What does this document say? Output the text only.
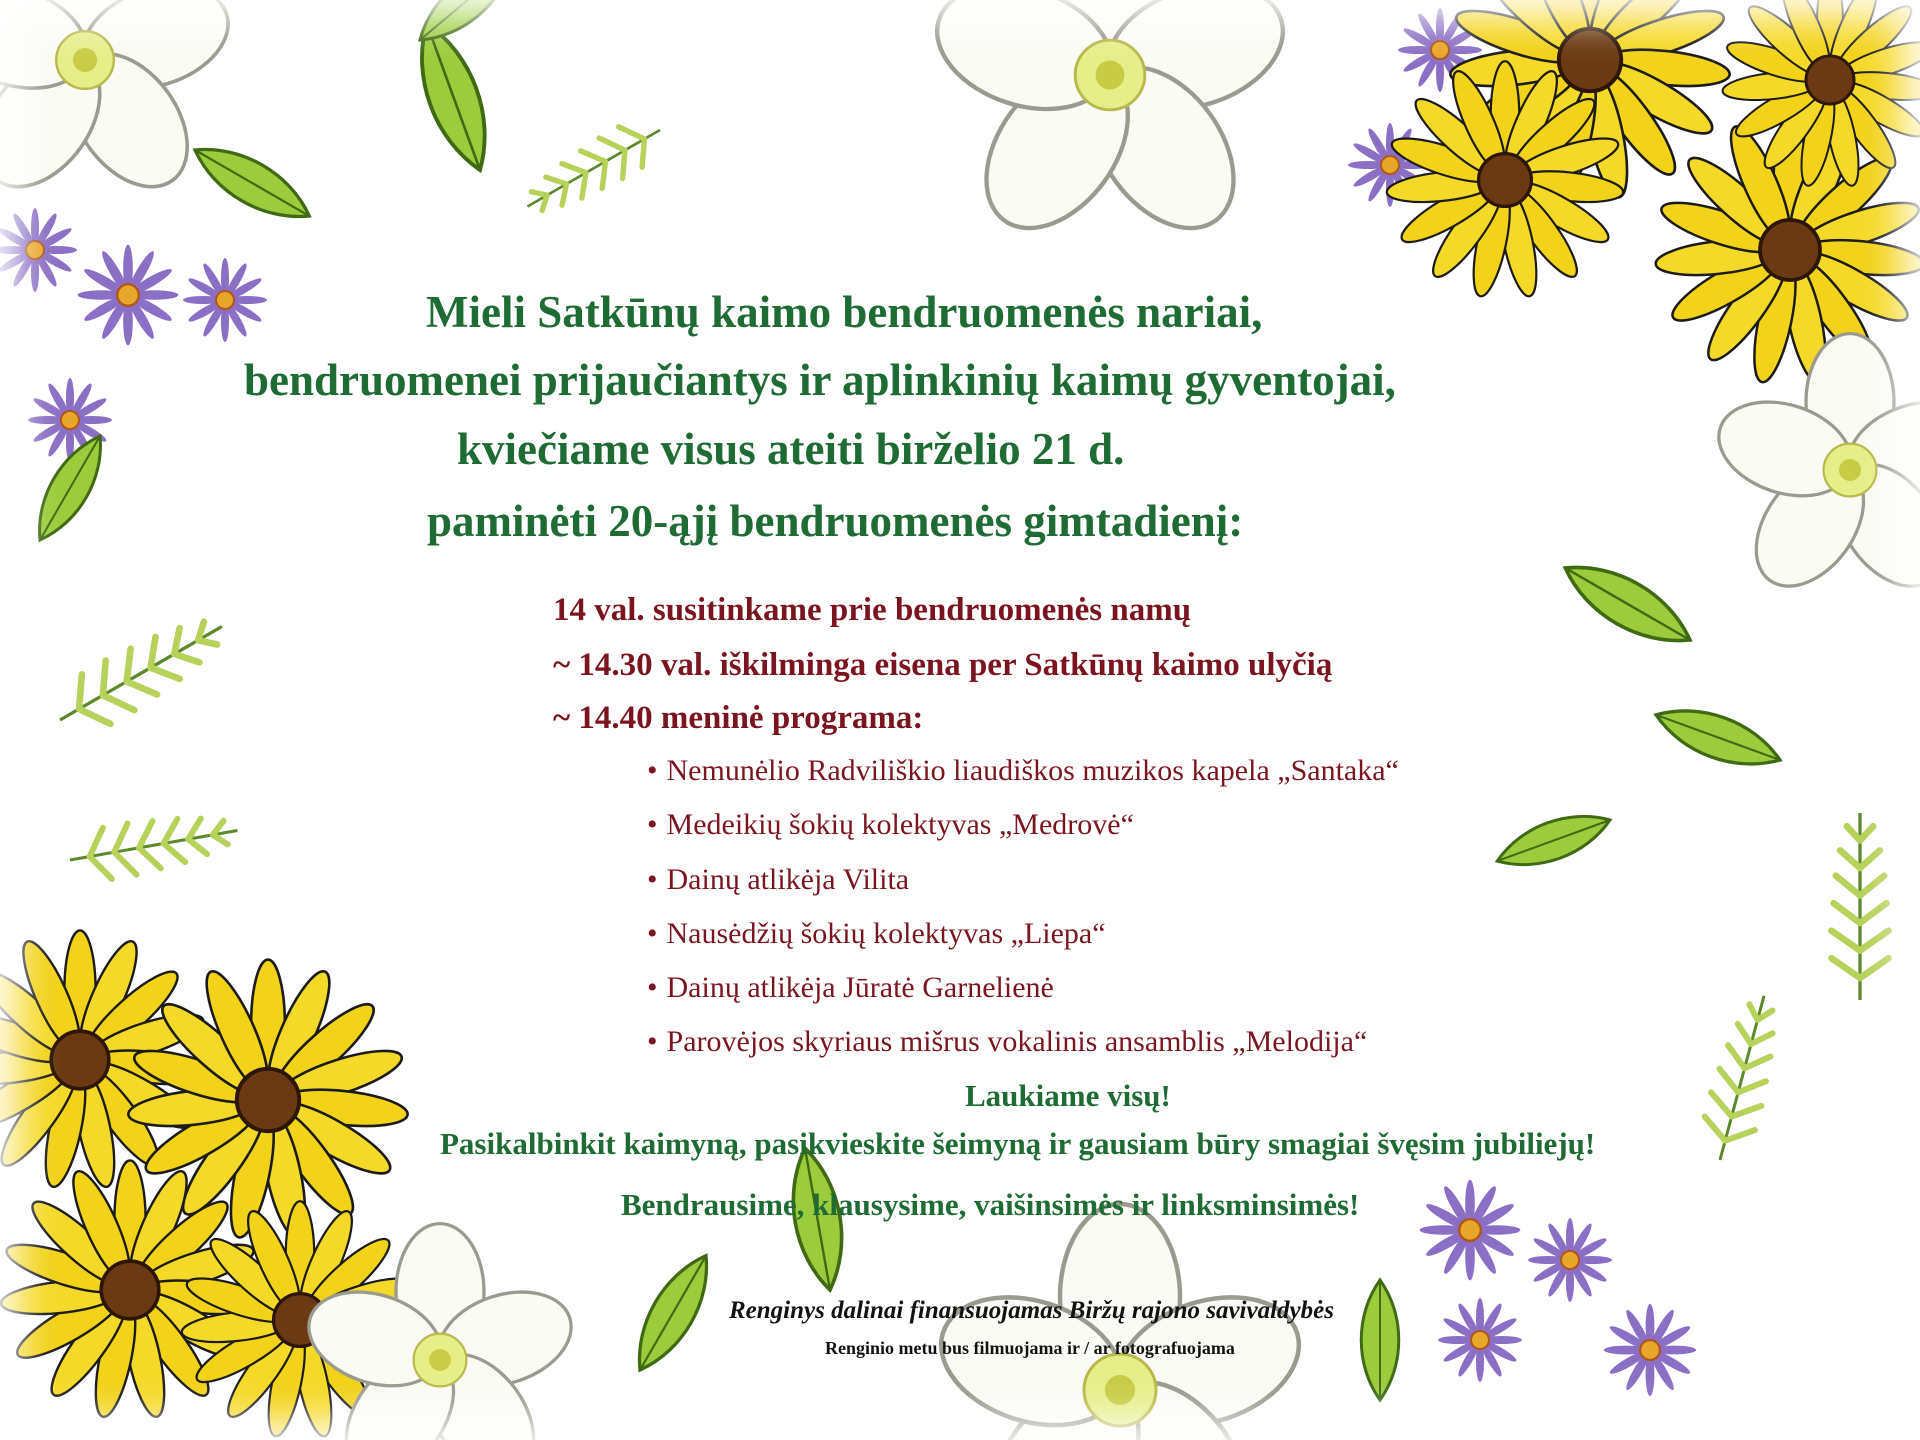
Mieli Satkūnų kaimo bendruomenės nariai,
bendruomenei prijaučiantys ir aplinkinių kaimų gyventojai,
kviečiame visus ateiti birželio 21 d.
paminėti 20-ąjį bendruomenės gimtadienį:
14 val. susitinkame prie bendruomenės namų
~ 14.30 val. iškilminga eisena per Satkūnų kaimo ulyčią
~ 14.40 meninė programa:
• Nemunėlio Radviliškio liaudiškos muzikos kapela „Santaka“
• Medeikių šokių kolektyvas „Medrovė“
• Dainų atlikėja Vilita
• Nausėdžių šokių kolektyvas „Liepa“
• Dainų atlikėja Jūratė Garnelienė
• Parovėjos skyriaus mišrus vokalinis ansamblis „Melodija“
Laukiame visų!
Pasikalbinkit kaimyną, pasikvieskite šeimyną ir gausiam būry smagiai švęsim jubiliejų!
Bendrausime, klausysime, vaišinsimės ir linksminsimės!
Renginys dalinai finansuojamas Biržų rajono savivaldybės
Renginio metu bus filmuojama ir / ar fotografuojama
